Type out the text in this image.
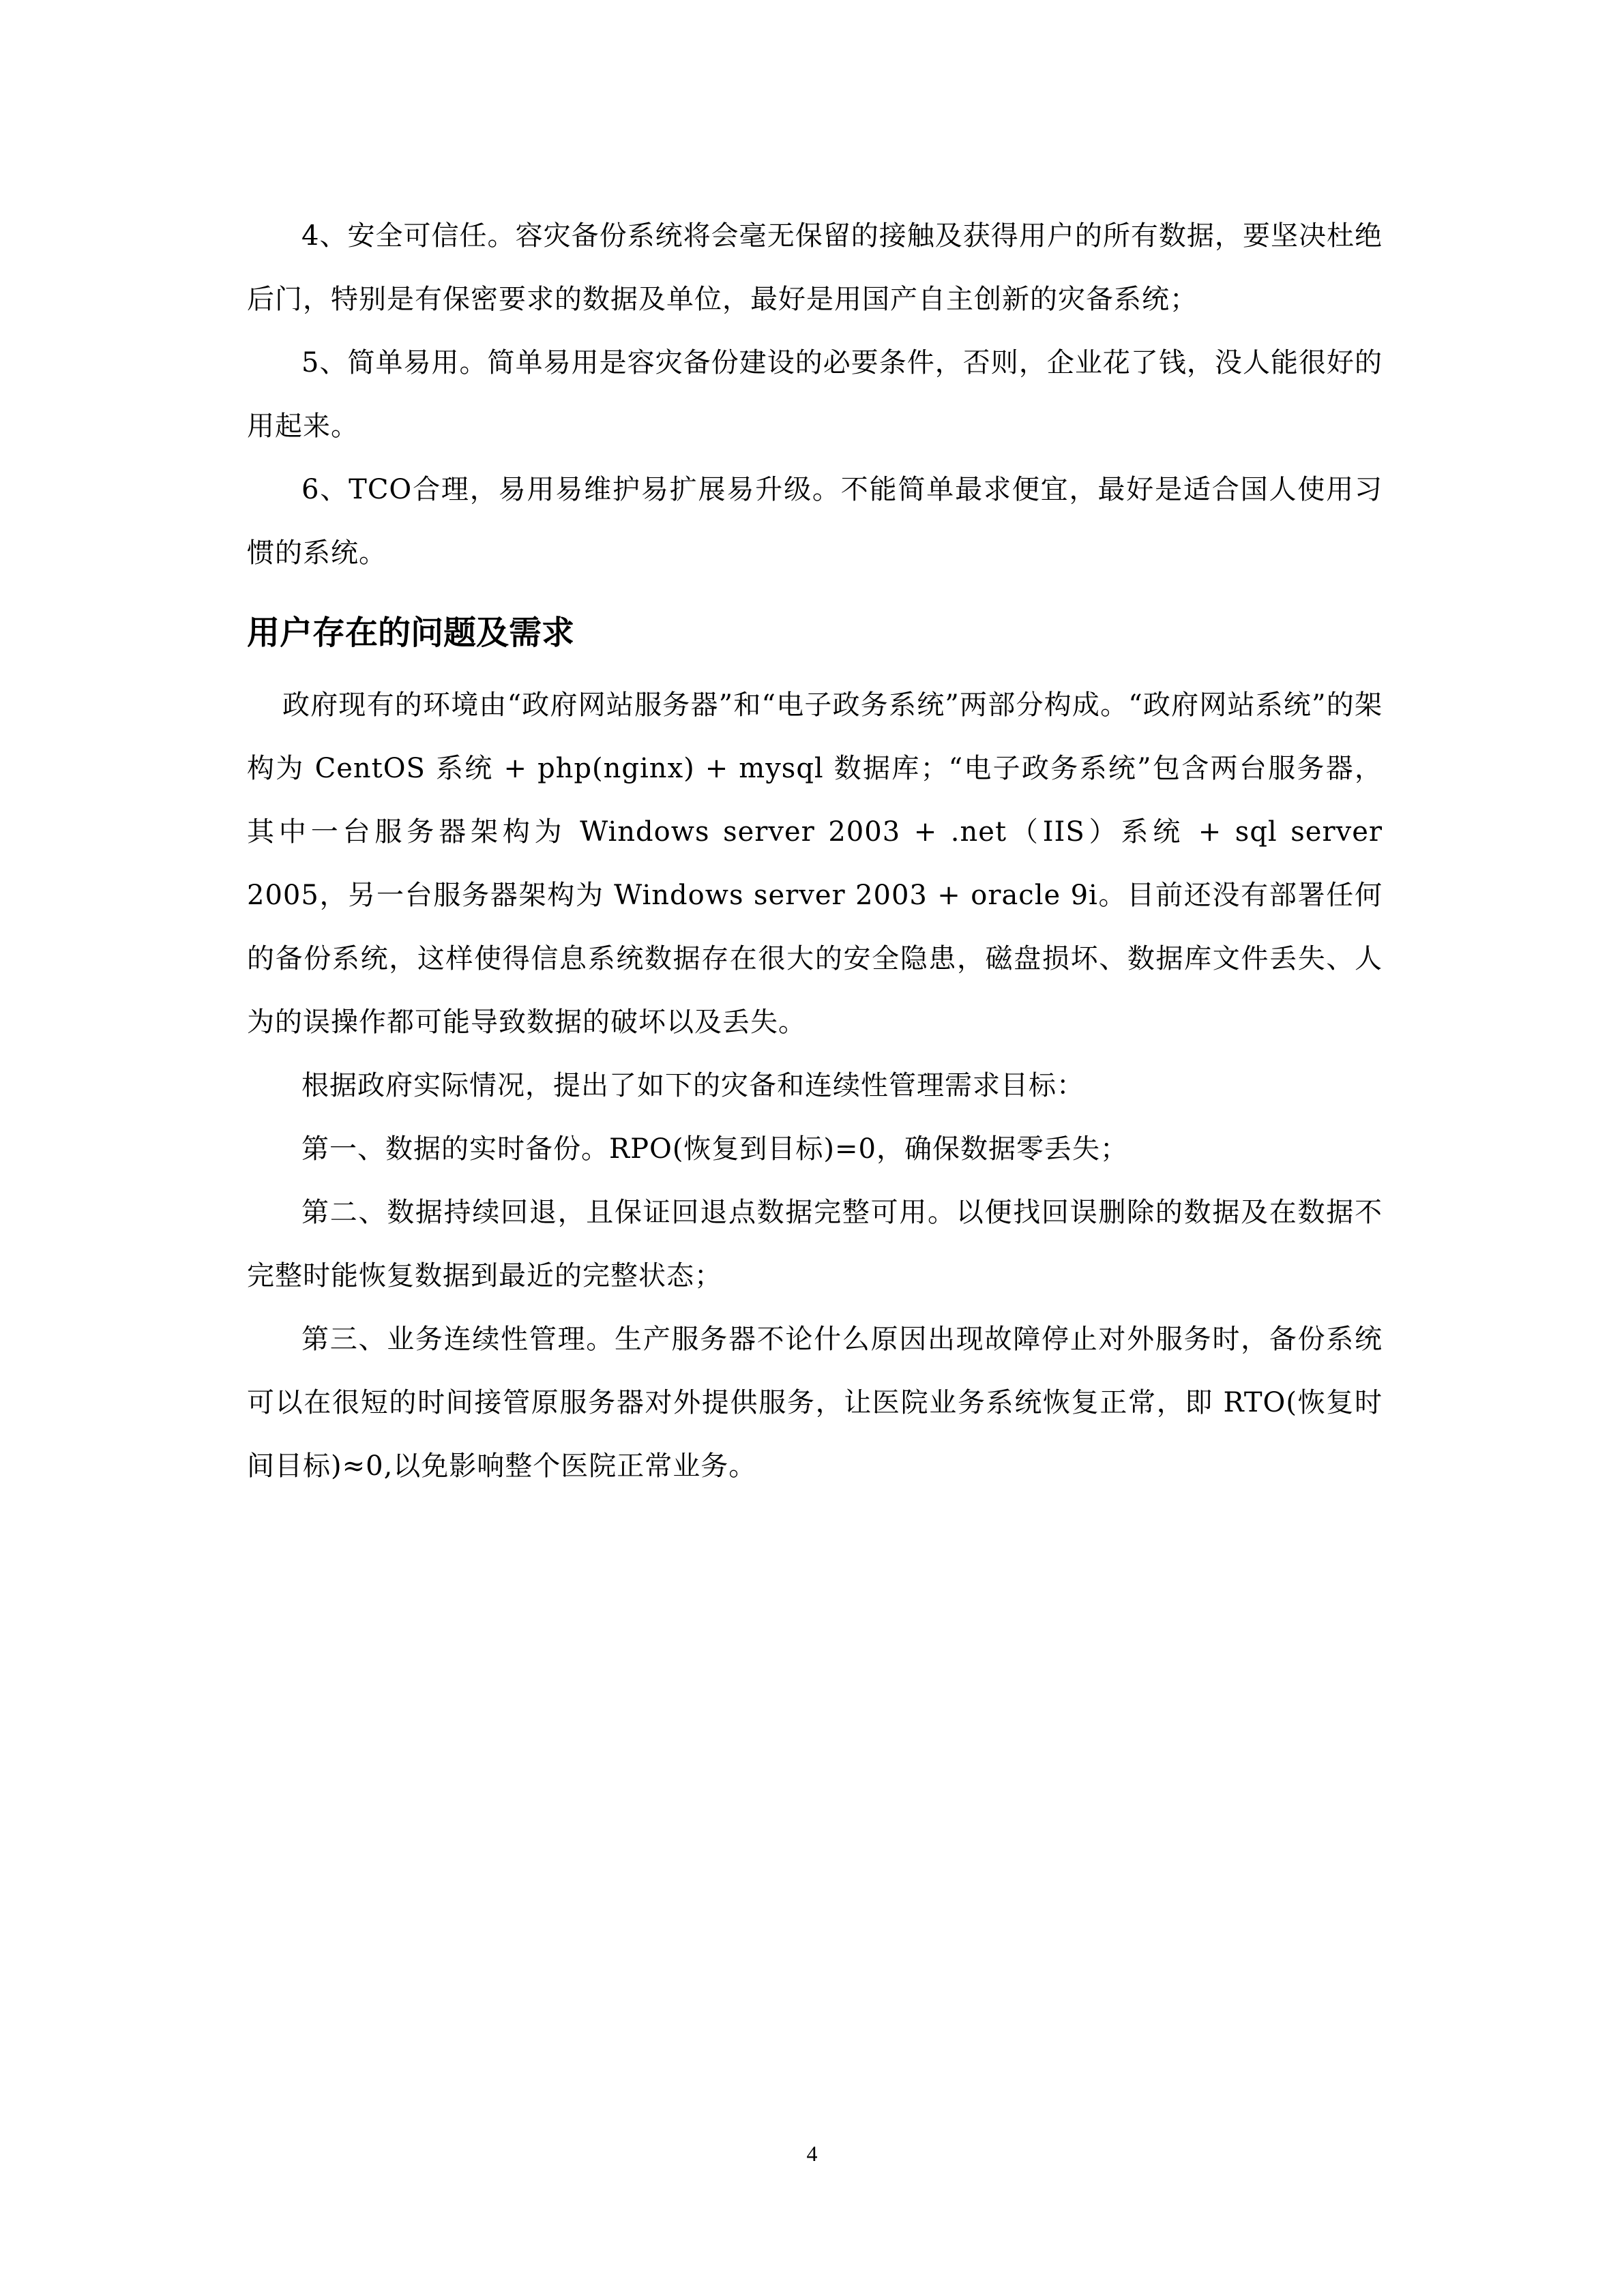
4、安全可信任。容灾备份系统将会毫无保留的接触及获得用户的所有数据，要坚决杜绝后门，特别是有保密要求的数据及单位，最好是用国产自主创新的灾备系统；

5、简单易用。简单易用是容灾备份建设的必要条件，否则，企业花了钱，没人能很好的用起来。

6、TCO合理，易用易维护易扩展易升级。不能简单最求便宜，最好是适合国人使用习惯的系统。

用户存在的问题及需求

政府现有的环境由“政府网站服务器”和“电子政务系统”两部分构成。“政府网站系统”的架构为 CentOS 系统 + php(nginx) + mysql 数据库；“电子政务系统”包含两台服务器，其中一台服务器架构为 Windows server 2003 + .net（IIS）系统 + sql server 2005，另一台服务器架构为 Windows server 2003 + oracle 9i。目前还没有部署任何的备份系统，这样使得信息系统数据存在很大的安全隐患，磁盘损坏、数据库文件丢失、人为的误操作都可能导致数据的破坏以及丢失。

根据政府实际情况，提出了如下的灾备和连续性管理需求目标：

第一、数据的实时备份。RPO(恢复到目标)=0，确保数据零丢失；

第二、数据持续回退，且保证回退点数据完整可用。以便找回误删除的数据及在数据不完整时能恢复数据到最近的完整状态；

第三、业务连续性管理。生产服务器不论什么原因出现故障停止对外服务时，备份系统可以在很短的时间接管原服务器对外提供服务，让医院业务系统恢复正常，即 RTO(恢复时间目标)≈0,以免影响整个医院正常业务。

4
